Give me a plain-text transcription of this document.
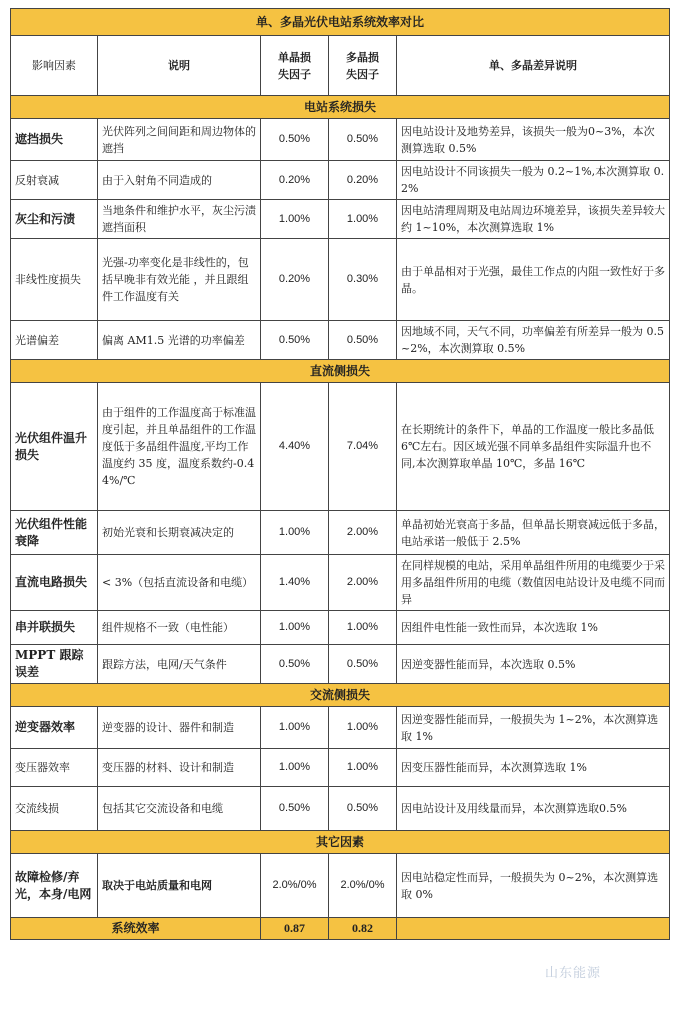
单、多晶光伏电站系统效率对比				
影响因素	说明	单晶损失因子	多晶损失因子	单、多晶差异说明
电站系统损失				
遮挡损失	光伏阵列之间间距和周边物体的遮挡	0.50%	0.50%	因电站设计及地势差异，该损失一般为0~3%，本次测算选取 0.5%
反射衰减	由于入射角不同造成的	0.20%	0.20%	因电站设计不同该损失一般为 0.2~1%,本次测算取 0.2%
灰尘和污渍	当地条件和维护水平，灰尘污渍遮挡面积	1.00%	1.00%	因电站清理周期及电站周边环境差异，该损失差异较大约 1~10%，本次测算选取 1%
非线性度损失	光强-功率变化是非线性的，包括早晚非有效光能 ，并且跟组件工作温度有关	0.20%	0.30%	由于单晶相对于光强，最佳工作点的内阻一致性好于多晶。
光谱偏差	偏离 AM1.5 光谱的功率偏差	0.50%	0.50%	因地域不同，天气不同，功率偏差有所差异一般为 0.5~2%，本次测算取 0.5%
直流侧损失				
光伏组件温升损失	由于组件的工作温度高于标准温度引起，并且单晶组件的工作温度低于多晶组件温度,平均工作温度约 35 度，温度系数约-0.44%/℃	4.40%	7.04%	在长期统计的条件下，单晶的工作温度一般比多晶低 6℃左右。因区域光强不同单多晶组件实际温升也不同,本次测算取单晶 10℃，多晶 16℃
光伏组件性能衰降	初始光衰和长期衰减决定的	1.00%	2.00%	单晶初始光衰高于多晶，但单晶长期衰减远低于多晶，电站承诺一般低于 2.5%
直流电路损失	< 3%（包括直流设备和电缆）	1.40%	2.00%	在同样规模的电站，采用单晶组件所用的电缆要少于采用多晶组件所用的电缆（数值因电站设计及电缆不同而异
串并联损失	组件规格不一致（电性能）	1.00%	1.00%	因组件电性能一致性而异，本次选取 1%
MPPT 跟踪误差	跟踪方法，电网/天气条件	0.50%	0.50%	因逆变器性能而异，本次选取 0.5%
交流侧损失				
逆变器效率	逆变器的设计、器件和制造	1.00%	1.00%	因逆变器性能而异，一般损失为 1~2%，本次测算选取 1%
变压器效率	变压器的材料、设计和制造	1.00%	1.00%	因变压器性能而异，本次测算选取 1%
交流线损	包括其它交流设备和电缆	0.50%	0.50%	因电站设计及用线量而异，本次测算选取0.5%
其它因素				
故障检修/弃光，本身/电网	取决于电站质量和电网	2.0%/0%	2.0%/0%	因电站稳定性而异，一般损失为 0~2%，本次测算选取 0%
系统效率		0.87	0.82	
山东能源
